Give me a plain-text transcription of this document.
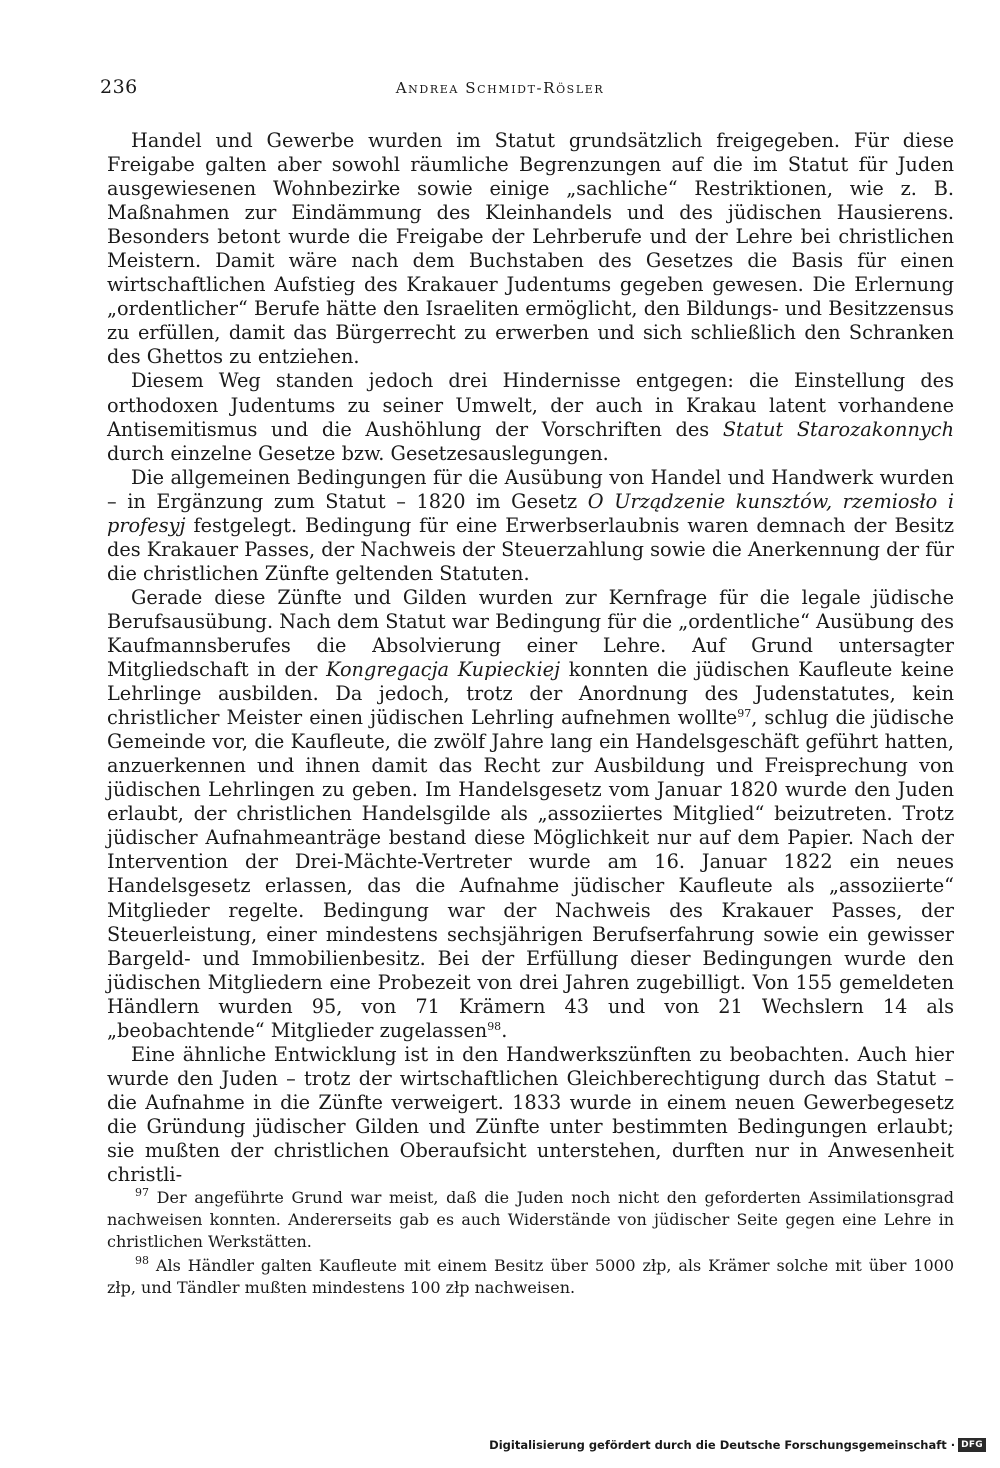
236	Andrea Schmidt-Rösler

Handel und Gewerbe wurden im Statut grundsätzlich freigegeben. Für diese Freigabe galten aber sowohl räumliche Begrenzungen auf die im Statut für Juden ausgewiesenen Wohnbezirke sowie einige „sachliche“ Restriktionen, wie z. B. Maßnahmen zur Eindämmung des Kleinhandels und des jüdischen Hausierens. Besonders betont wurde die Freigabe der Lehrberufe und der Lehre bei christlichen Meistern. Damit wäre nach dem Buchstaben des Gesetzes die Basis für einen wirtschaftlichen Aufstieg des Krakauer Judentums gegeben gewesen. Die Erlernung „ordentlicher“ Berufe hätte den Israeliten ermöglicht, den Bildungs- und Besitzzensus zu erfüllen, damit das Bürgerrecht zu erwerben und sich schließlich den Schranken des Ghettos zu entziehen.

Diesem Weg standen jedoch drei Hindernisse entgegen: die Einstellung des orthodoxen Judentums zu seiner Umwelt, der auch in Krakau latent vorhandene Antisemitismus und die Aushöhlung der Vorschriften des Statut Starozakonnych durch einzelne Gesetze bzw. Gesetzesauslegungen.

Die allgemeinen Bedingungen für die Ausübung von Handel und Handwerk wurden – in Ergänzung zum Statut – 1820 im Gesetz O Urządzenie kunsztów, rzemiosło i profesyj festgelegt. Bedingung für eine Erwerbserlaubnis waren demnach der Besitz des Krakauer Passes, der Nachweis der Steuerzahlung sowie die Anerkennung der für die christlichen Zünfte geltenden Statuten.

Gerade diese Zünfte und Gilden wurden zur Kernfrage für die legale jüdische Berufsausübung. Nach dem Statut war Bedingung für die „ordentliche“ Ausübung des Kaufmannsberufes die Absolvierung einer Lehre. Auf Grund untersagter Mitgliedschaft in der Kongregacja Kupieckiej konnten die jüdischen Kaufleute keine Lehrlinge ausbilden. Da jedoch, trotz der Anordnung des Judenstatutes, kein christlicher Meister einen jüdischen Lehrling aufnehmen wollte$^{97}$, schlug die jüdische Gemeinde vor, die Kaufleute, die zwölf Jahre lang ein Handelsgeschäft geführt hatten, anzuerkennen und ihnen damit das Recht zur Ausbildung und Freisprechung von jüdischen Lehrlingen zu geben. Im Handelsgesetz vom Januar 1820 wurde den Juden erlaubt, der christlichen Handelsgilde als „assoziiertes Mitglied“ beizutreten. Trotz jüdischer Aufnahmeanträge bestand diese Möglichkeit nur auf dem Papier. Nach der Intervention der Drei-Mächte-Vertreter wurde am 16. Januar 1822 ein neues Handelsgesetz erlassen, das die Aufnahme jüdischer Kaufleute als „assoziierte“ Mitglieder regelte. Bedingung war der Nachweis des Krakauer Passes, der Steuerleistung, einer mindestens sechsjährigen Berufserfahrung sowie ein gewisser Bargeld- und Immobilienbesitz. Bei der Erfüllung dieser Bedingungen wurde den jüdischen Mitgliedern eine Probezeit von drei Jahren zugebilligt. Von 155 gemeldeten Händlern wurden 95, von 71 Krämern 43 und von 21 Wechslern 14 als „beobachtende“ Mitglieder zugelassen$^{98}$.

Eine ähnliche Entwicklung ist in den Handwerkszünften zu beobachten. Auch hier wurde den Juden – trotz der wirtschaftlichen Gleichberechtigung durch das Statut – die Aufnahme in die Zünfte verweigert. 1833 wurde in einem neuen Gewerbegesetz die Gründung jüdischer Gilden und Zünfte unter bestimmten Bedingungen erlaubt; sie mußten der christlichen Oberaufsicht unterstehen, durften nur in Anwesenheit christli-

$^{97}$ Der angeführte Grund war meist, daß die Juden noch nicht den geforderten Assimilationsgrad nachweisen konnten. Andererseits gab es auch Widerstände von jüdischer Seite gegen eine Lehre in christlichen Werkstätten.

$^{98}$ Als Händler galten Kaufleute mit einem Besitz über 5000 złp, als Krämer solche mit über 1000 złp, und Tändler mußten mindestens 100 złp nachweisen.

Digitalisierung gefördert durch die Deutsche Forschungsgemeinschaft · DFG
